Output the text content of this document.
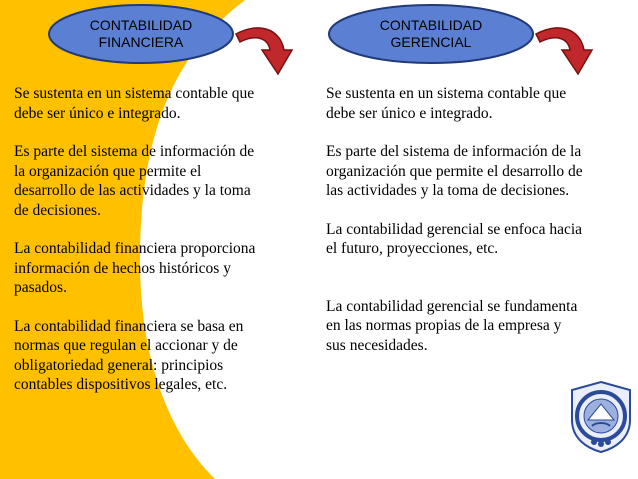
CONTABILIDAD
FINANCIERA
CONTABILIDAD
GERENCIAL

Se sustenta en un sistema contable que
debe ser único e integrado.

Es parte del sistema de información de
la organización que permite el
desarrollo de las actividades y la toma
de decisiones.

La contabilidad financiera proporciona
información de hechos históricos y
pasados.

La contabilidad financiera se basa en
normas que regulan el accionar y de
obligatoriedad general: principios
contables dispositivos legales, etc.

Se sustenta en un sistema contable que
debe ser único e integrado.

Es parte del sistema de información de la
organización que permite el desarrollo de
las actividades y la toma de decisiones.

La contabilidad gerencial se enfoca hacia
el futuro, proyecciones, etc.

La contabilidad gerencial se fundamenta
en las normas propias de la empresa y
sus necesidades.
